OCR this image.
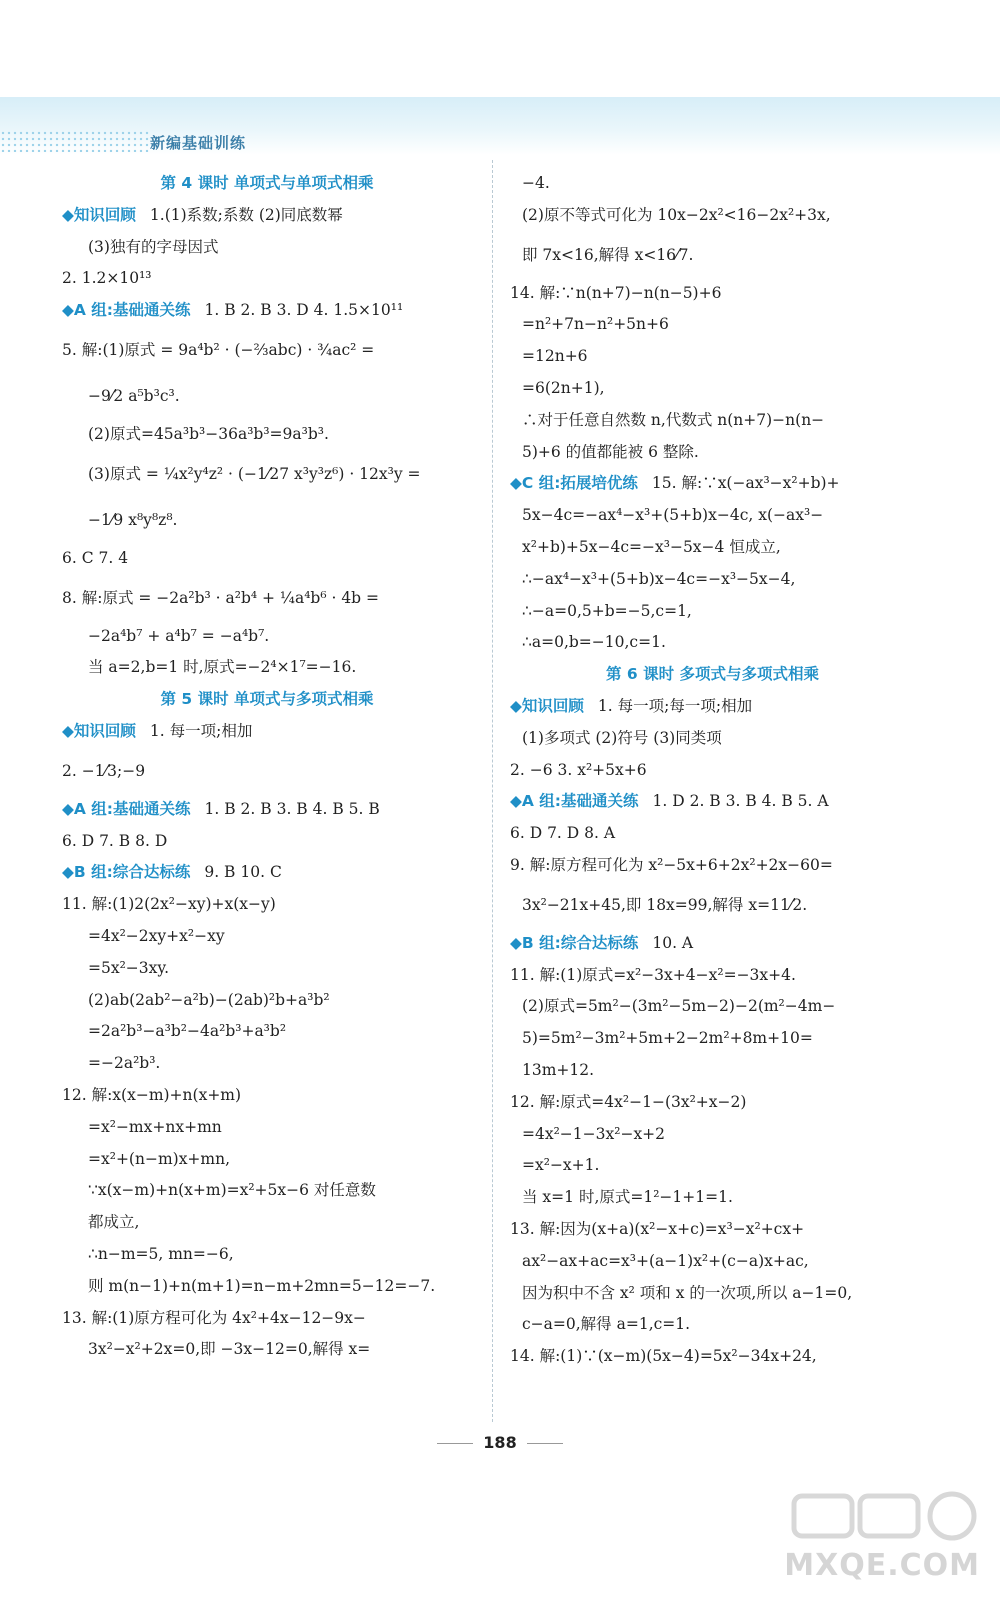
新编基础训练
第 4 课时 单项式与单项式相乘
◆知识回顾 1.(1)系数;系数 (2)同底数幂
(3)独有的字母因式
2. 1.2×10¹³
◆A 组:基础通关练 1. B 2. B 3. D 4. 1.5×10¹¹
5. 解:(1)原式 = 9a⁴b² · (−⅔abc) · ¾ac² =
−9⁄2 a⁵b³c³.
(2)原式=45a³b³−36a³b³=9a³b³.
(3)原式 = ¼x²y⁴z² · (−1⁄27 x³y³z⁶) · 12x³y =
−1⁄9 x⁸y⁸z⁸.
6. C 7. 4
8. 解:原式 = −2a²b³ · a²b⁴ + ¼a⁴b⁶ · 4b =
−2a⁴b⁷ + a⁴b⁷ = −a⁴b⁷.
当 a=2,b=1 时,原式=−2⁴×1⁷=−16.
第 5 课时 单项式与多项式相乘
◆知识回顾 1. 每一项;相加
2. −1⁄3;−9
◆A 组:基础通关练 1. B 2. B 3. B 4. B 5. B
6. D 7. B 8. D
◆B 组:综合达标练 9. B 10. C
11. 解:(1)2(2x²−xy)+x(x−y)
=4x²−2xy+x²−xy
=5x²−3xy.
(2)ab(2ab²−a²b)−(2ab)²b+a³b²
=2a²b³−a³b²−4a²b³+a³b²
=−2a²b³.
12. 解:x(x−m)+n(x+m)
=x²−mx+nx+mn
=x²+(n−m)x+mn,
∵x(x−m)+n(x+m)=x²+5x−6 对任意数
都成立,
∴n−m=5, mn=−6,
则 m(n−1)+n(m+1)=n−m+2mn=5−12=−7.
13. 解:(1)原方程可化为 4x²+4x−12−9x−
3x²−x²+2x=0,即 −3x−12=0,解得 x=
−4.
(2)原不等式可化为 10x−2x²<16−2x²+3x,
即 7x<16,解得 x<16⁄7.
14. 解:∵n(n+7)−n(n−5)+6
=n²+7n−n²+5n+6
=12n+6
=6(2n+1),
∴对于任意自然数 n,代数式 n(n+7)−n(n−
5)+6 的值都能被 6 整除.
◆C 组:拓展培优练 15. 解:∵x(−ax³−x²+b)+
5x−4c=−ax⁴−x³+(5+b)x−4c, x(−ax³−
x²+b)+5x−4c=−x³−5x−4 恒成立,
∴−ax⁴−x³+(5+b)x−4c=−x³−5x−4,
∴−a=0,5+b=−5,c=1,
∴a=0,b=−10,c=1.
第 6 课时 多项式与多项式相乘
◆知识回顾 1. 每一项;每一项;相加
(1)多项式 (2)符号 (3)同类项
2. −6 3. x²+5x+6
◆A 组:基础通关练 1. D 2. B 3. B 4. B 5. A
6. D 7. D 8. A
9. 解:原方程可化为 x²−5x+6+2x²+2x−60=
3x²−21x+45,即 18x=99,解得 x=11⁄2.
◆B 组:综合达标练 10. A
11. 解:(1)原式=x²−3x+4−x²=−3x+4.
(2)原式=5m²−(3m²−5m−2)−2(m²−4m−
5)=5m²−3m²+5m+2−2m²+8m+10=
13m+12.
12. 解:原式=4x²−1−(3x²+x−2)
=4x²−1−3x²−x+2
=x²−x+1.
当 x=1 时,原式=1²−1+1=1.
13. 解:因为(x+a)(x²−x+c)=x³−x²+cx+
ax²−ax+ac=x³+(a−1)x²+(c−a)x+ac,
因为积中不含 x² 项和 x 的一次项,所以 a−1=0,
c−a=0,解得 a=1,c=1.
14. 解:(1)∵(x−m)(5x−4)=5x²−34x+24,
188
MXQE.COM
